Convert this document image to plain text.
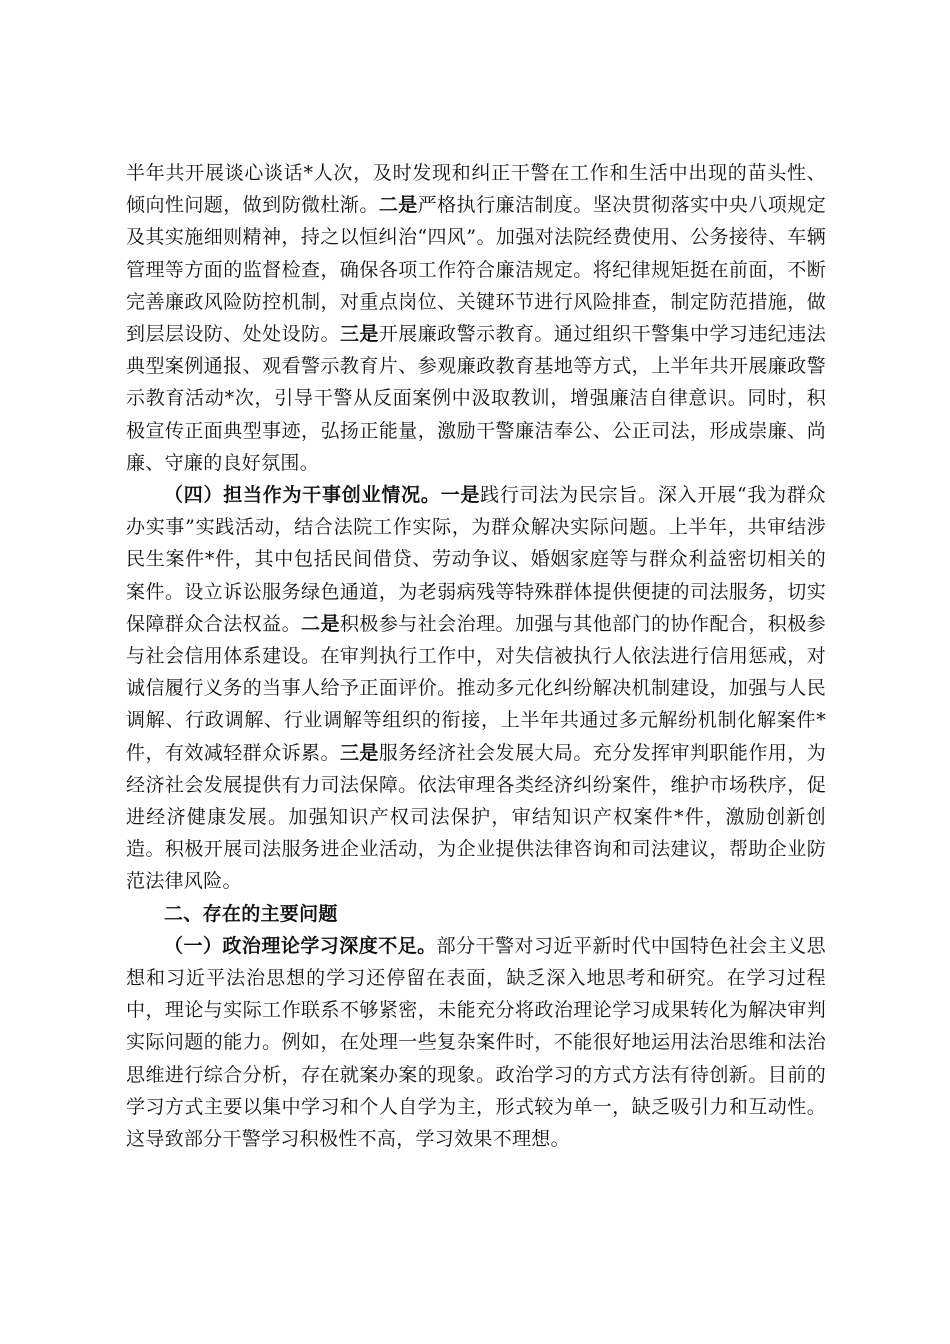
半年共开展谈心谈话*人次，及时发现和纠正干警在工作和生活中出现的苗头性、倾向性问题，做到防微杜渐。二是严格执行廉洁制度。坚决贯彻落实中央八项规定及其实施细则精神，持之以恒纠治“四风”。加强对法院经费使用、公务接待、车辆管理等方面的监督检查，确保各项工作符合廉洁规定。将纪律规矩挺在前面，不断完善廉政风险防控机制，对重点岗位、关键环节进行风险排查，制定防范措施，做到层层设防、处处设防。三是开展廉政警示教育。通过组织干警集中学习违纪违法典型案例通报、观看警示教育片、参观廉政教育基地等方式，上半年共开展廉政警示教育活动*次，引导干警从反面案例中汲取教训，增强廉洁自律意识。同时，积极宣传正面典型事迹，弘扬正能量，激励干警廉洁奉公、公正司法，形成崇廉、尚廉、守廉的良好氛围。

（四）担当作为干事创业情况。一是践行司法为民宗旨。深入开展“我为群众办实事”实践活动，结合法院工作实际，为群众解决实际问题。上半年，共审结涉民生案件*件，其中包括民间借贷、劳动争议、婚姻家庭等与群众利益密切相关的案件。设立诉讼服务绿色通道，为老弱病残等特殊群体提供便捷的司法服务，切实保障群众合法权益。二是积极参与社会治理。加强与其他部门的协作配合，积极参与社会信用体系建设。在审判执行工作中，对失信被执行人依法进行信用惩戒，对诚信履行义务的当事人给予正面评价。推动多元化纠纷解决机制建设，加强与人民调解、行政调解、行业调解等组织的衔接，上半年共通过多元解纷机制化解案件*件，有效减轻群众诉累。三是服务经济社会发展大局。充分发挥审判职能作用，为经济社会发展提供有力司法保障。依法审理各类经济纠纷案件，维护市场秩序，促进经济健康发展。加强知识产权司法保护，审结知识产权案件*件，激励创新创造。积极开展司法服务进企业活动，为企业提供法律咨询和司法建议，帮助企业防范法律风险。

二、存在的主要问题

（一）政治理论学习深度不足。部分干警对习近平新时代中国特色社会主义思想和习近平法治思想的学习还停留在表面，缺乏深入地思考和研究。在学习过程中，理论与实际工作联系不够紧密，未能充分将政治理论学习成果转化为解决审判实际问题的能力。例如，在处理一些复杂案件时，不能很好地运用法治思维和法治思维进行综合分析，存在就案办案的现象。政治学习的方式方法有待创新。目前的学习方式主要以集中学习和个人自学为主，形式较为单一，缺乏吸引力和互动性。这导致部分干警学习积极性不高，学习效果不理想。
